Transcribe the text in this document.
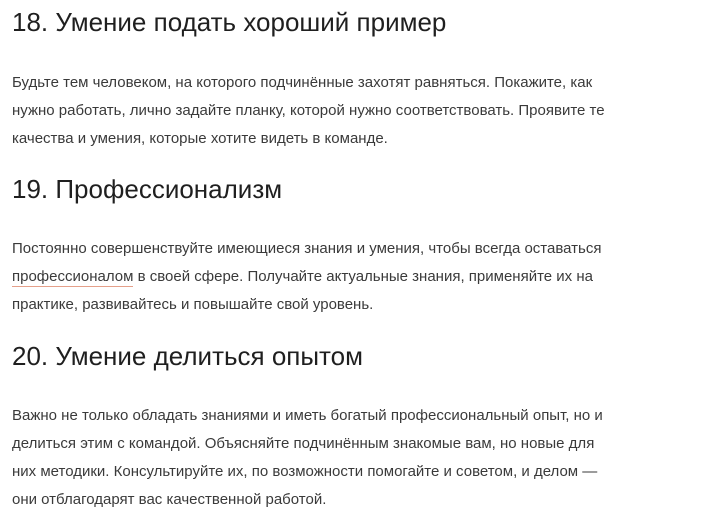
18. Умение подать хороший пример

Будьте тем человеком, на которого подчинённые захотят равняться. Покажите, как
нужно работать, лично задайте планку, которой нужно соответствовать. Проявите те
качества и умения, которые хотите видеть в команде.

19. Профессионализм

Постоянно совершенствуйте имеющиеся знания и умения, чтобы всегда оставаться
профессионалом в своей сфере. Получайте актуальные знания, применяйте их на
практике, развивайтесь и повышайте свой уровень.

20. Умение делиться опытом

Важно не только обладать знаниями и иметь богатый профессиональный опыт, но и
делиться этим с командой. Объясняйте подчинённым знакомые вам, но новые для
них методики. Консультируйте их, по возможности помогайте и советом, и делом —
они отблагодарят вас качественной работой.
